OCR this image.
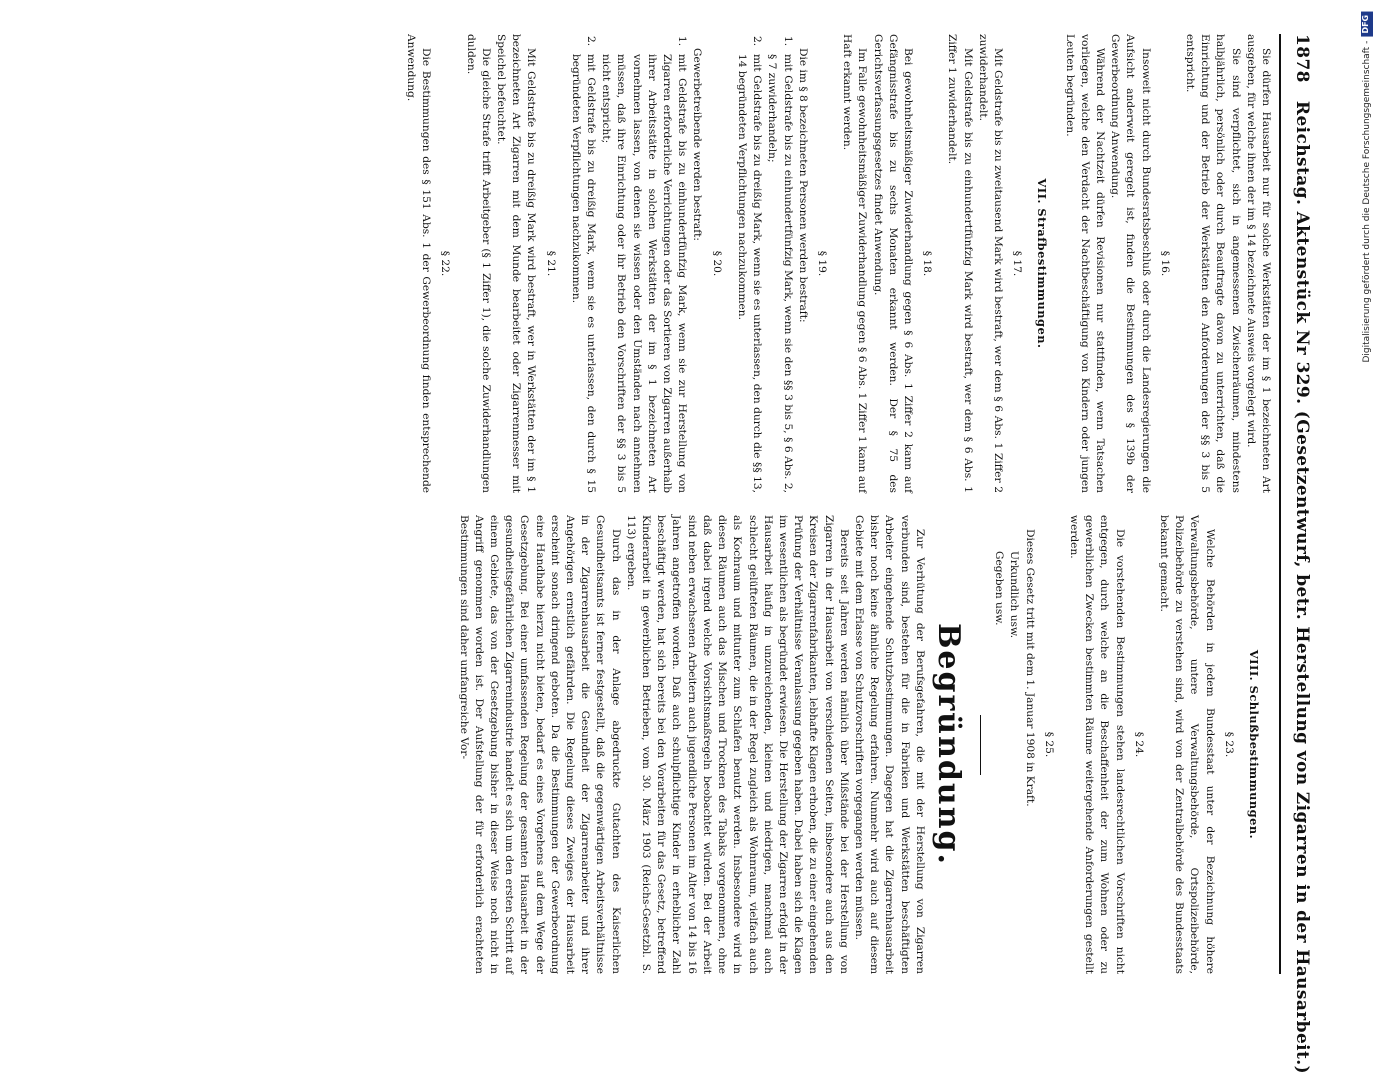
1878
Reichstag. Aktenstück Nr 329. (Gesetzentwurf, betr. Herstellung von Zigarren in der Hausarbeit.)

Sie dürfen Hausarbeit nur für solche Werkstätten der im § 1 bezeichneten Art ausgeben, für welche ihnen der im § 14 bezeichnete Ausweis vorgelegt wird.

Sie sind verpflichtet, sich in angemessenen Zwischenräumen, mindestens halbjährlich, persönlich oder durch Beauftragte davon zu unterrichten, daß die Einrichtung und der Betrieb der Werkstätten den Anforderungen der §§ 3 bis 5 entspricht.

§ 16.

Insoweit nicht durch Bundesratsbeschluß oder durch die Landesregierungen die Aufsicht anderweit geregelt ist, finden die Bestimmungen des § 139b der Gewerbeordnung Anwendung.

Während der Nachtzeit dürfen Revisionen nur stattfinden, wenn Tatsachen vorliegen, welche den Verdacht der Nachtbeschäftigung von Kindern oder jungen Leuten begründen.

VII. Strafbestimmungen.
§ 17.

Mit Geldstrafe bis zu zweitausend Mark wird bestraft, wer dem § 6 Abs. 1 Ziffer 2 zuwiderhandelt.

Mit Geldstrafe bis zu einhundertfünfzig Mark wird bestraft, wer dem § 6 Abs. 1 Ziffer 1 zuwiderhandelt.

§ 18.

Bei gewohnheitsmäßiger Zuwiderhandlung gegen § 6 Abs. 1 Ziffer 2 kann auf Gefängnisstrafe bis zu sechs Monaten erkannt werden. Der § 75 des Gerichtsverfassungsgesetzes findet Anwendung.

Im Falle gewohnheitsmäßiger Zuwiderhandlung gegen § 6 Abs. 1 Ziffer 1 kann auf Haft erkannt werden.

§ 19.

Die im § 8 bezeichneten Personen werden bestraft:

1.
mit Geldstrafe bis zu einhundertfünfzig Mark, wenn sie den §§ 3 bis 5, § 6 Abs. 2, § 7 zuwiderhandeln;
2.
mit Geldstrafe bis zu dreißig Mark, wenn sie es unterlassen, den durch die §§ 13, 14 begründeten Verpflichtungen nachzukommen.
§ 20.

Gewerbetreibende werden bestraft:

1.
mit Geldstrafe bis zu einhundertfünfzig Mark, wenn sie zur Herstellung von Zigarren erforderliche Verrichtungen oder das Sortieren von Zigarren außerhalb ihrer Arbeitsstätte in solchen Werkstätten der im § 1 bezeichneten Art vornehmen lassen, von denen sie wissen oder den Umständen nach annehmen müssen, daß ihre Einrichtung oder ihr Betrieb den Vorschriften der §§ 3 bis 5 nicht entspricht;
2.
mit Geldstrafe bis zu dreißig Mark, wenn sie es unterlassen, den durch § 15 begründeten Verpflichtungen nachzukommen.
§ 21.

Mit Geldstrafe bis zu dreißig Mark wird bestraft, wer in Werkstätten der im § 1 bezeichneten Art Zigarren mit dem Munde bearbeitet oder Zigarrenmesser mit Speichel befeuchtet.

Die gleiche Strafe trifft Arbeitgeber (§ 1 Ziffer 1), die solche Zuwiderhandlungen dulden.

§ 22.

Die Bestimmungen des § 151 Abs. 1 der Gewerbeordnung finden entsprechende Anwendung.

VIII. Schlußbestimmungen.
§ 23.

Welche Behörden in jedem Bundesstaat unter der Bezeichnung höhere Verwaltungsbehörde, untere Verwaltungsbehörde, Ortspolizeibehörde, Polizeibehörde zu verstehen sind, wird von der Zentralbehörde des Bundesstaats bekannt gemacht.

§ 24.

Die vorstehenden Bestimmungen stehen landesrechtlichen Vorschriften nicht entgegen, durch welche an die Beschaffenheit der zum Wohnen oder zu gewerblichen Zwecken bestimmten Räume weitergehende Anforderungen gestellt werden.

§ 25.

Dieses Gesetz tritt mit dem 1. Januar 1908 in Kraft.

Urkundlich usw.

Gegeben usw.

Begründung.

Zur Verhütung der Berufsgefahren, die mit der Herstellung von Zigarren verbunden sind, bestehen für die in Fabriken und Werkstätten beschäftigten Arbeiter eingehende Schutzbestimmungen. Dagegen hat die Zigarrenhausarbeit bisher noch keine ähnliche Regelung erfahren. Nunmehr wird auch auf diesem Gebiete mit dem Erlasse von Schutzvorschriften vorgegangen werden müssen.

Bereits seit Jahren werden nämlich über Mißstände bei der Herstellung von Zigarren in der Hausarbeit von verschiedenen Seiten, insbesondere auch aus den Kreisen der Zigarrenfabrikanten, lebhafte Klagen erhoben, die zu einer eingehenden Prüfung der Verhältnisse Veranlassung gegeben haben. Dabei haben sich die Klagen im wesentlichen als begründet erwiesen. Die Herstellung der Zigarren erfolgt in der Hausarbeit häufig in unzureichenden, kleinen und niedrigen, manchmal auch schlecht gelüfteten Räumen, die in der Regel zugleich als Wohnraum, vielfach auch als Kochraum und mitunter zum Schlafen benutzt werden. Insbesondere wird in diesen Räumen auch das Mischen und Trocknen des Tabaks vorgenommen, ohne daß dabei irgend welche Vorsichtsmaßregeln beobachtet würden. Bei der Arbeit sind neben erwachsenen Arbeitern auch jugendliche Personen im Alter von 14 bis 16 Jahren angetroffen worden. Daß auch schulpflichtige Kinder in erheblicher Zahl beschäftigt werden, hat sich bereits bei den Vorarbeiten für das Gesetz, betreffend Kinderarbeit in gewerblichen Betrieben, vom 30. März 1903 (Reichs-Gesetzbl. S. 113) ergeben.

Durch das in der Anlage abgedruckte Gutachten des Kaiserlichen Gesundheitsamts ist ferner festgestellt, daß die gegenwärtigen Arbeitsverhältnisse in der Zigarrenhausarbeit die Gesundheit der Zigarrenarbeiter und ihrer Angehörigen ernstlich gefährden. Die Regelung dieses Zweiges der Hausarbeit erscheint sonach dringend geboten. Da die Bestimmungen der Gewerbeordnung eine Handhabe hierzu nicht bieten, bedarf es eines Vorgehens auf dem Wege der Gesetzgebung. Bei einer umfassenden Regelung der gesamten Hausarbeit in der gesundheitsgefährlichen Zigarrenindustrie handelt es sich um den ersten Schritt auf einem Gebiete, das von der Gesetzgebung bisher in dieser Weise noch nicht in Angriff genommen worden ist. Der Aufstellung der für erforderlich erachteten Bestimmungen sind daher umfangreiche Vor-

Digitalisierung gefördert durch die Deutsche Forschungsgemeinschaft -
DFG
